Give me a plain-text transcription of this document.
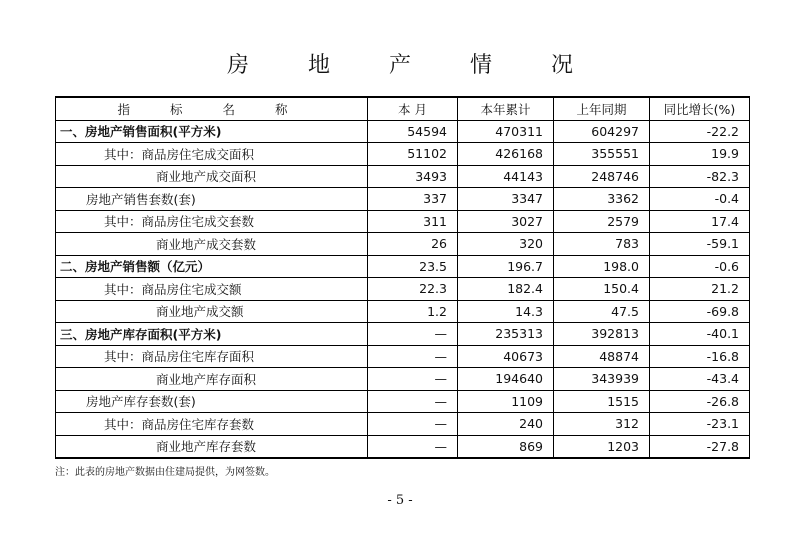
房 地 产 情 况
指 标 名 称	本 月	本年累计	上年同期	同比增长(%)
一、房地产销售面积(平方米)	54594	470311	604297	-22.2
其中：商品房住宅成交面积	51102	426168	355551	19.9
商业地产成交面积	3493	44143	248746	-82.3
房地产销售套数(套)	337	3347	3362	-0.4
其中：商品房住宅成交套数	311	3027	2579	17.4
商业地产成交套数	26	320	783	-59.1
二、房地产销售额（亿元）	23.5	196.7	198.0	-0.6
其中：商品房住宅成交额	22.3	182.4	150.4	21.2
商业地产成交额	1.2	14.3	47.5	-69.8
三、房地产库存面积(平方米)	—	235313	392813	-40.1
其中：商品房住宅库存面积	—	40673	48874	-16.8
商业地产库存面积	—	194640	343939	-43.4
房地产库存套数(套)	—	1109	1515	-26.8
其中：商品房住宅库存套数	—	240	312	-23.1
商业地产库存套数	—	869	1203	-27.8
注：此表的房地产数据由住建局提供，为网签数。
- 5 -
